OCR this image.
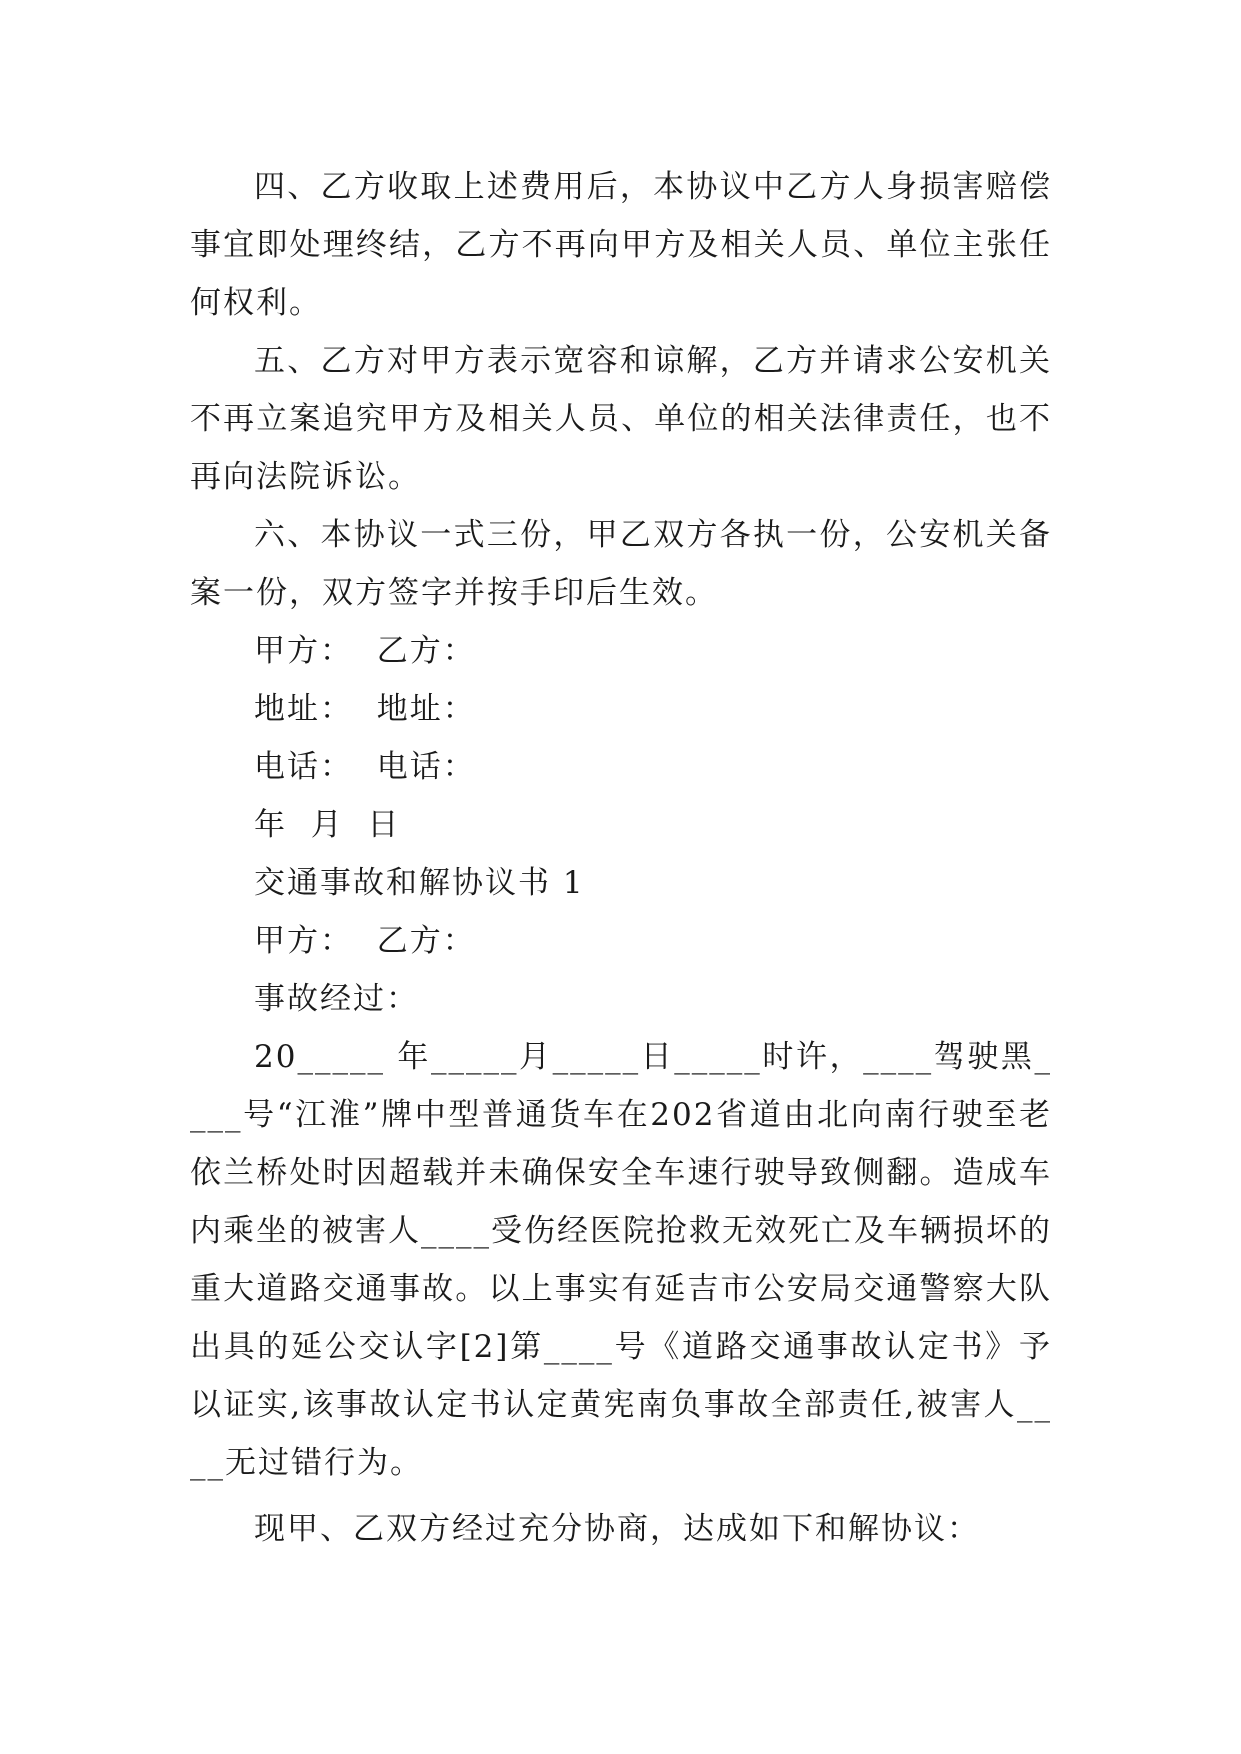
四、乙方收取上述费用后，本协议中乙方人身损害赔偿事宜即处理终结，乙方不再向甲方及相关人员、单位主张任何权利。

五、乙方对甲方表示宽容和谅解，乙方并请求公安机关不再立案追究甲方及相关人员、单位的相关法律责任，也不再向法院诉讼。

六、本协议一式三份，甲乙双方各执一份，公安机关备案一份，双方签字并按手印后生效。

甲方：  乙方：

地址：  地址：

电话：  电话：

年  月  日

交通事故和解协议书 1

甲方：  乙方：

事故经过：

20_____ 年_____月_____日_____时许，____驾驶黑____号“江淮”牌中型普通货车在202省道由北向南行驶至老依兰桥处时因超载并未确保安全车速行驶导致侧翻。造成车内乘坐的被害人____受伤经医院抢救无效死亡及车辆损坏的重大道路交通事故。以上事实有延吉市公安局交通警察大队出具的延公交认字[2]第____号《道路交通事故认定书》予以证实,该事故认定书认定黄宪南负事故全部责任,被害人____无过错行为。

现甲、乙双方经过充分协商，达成如下和解协议：
